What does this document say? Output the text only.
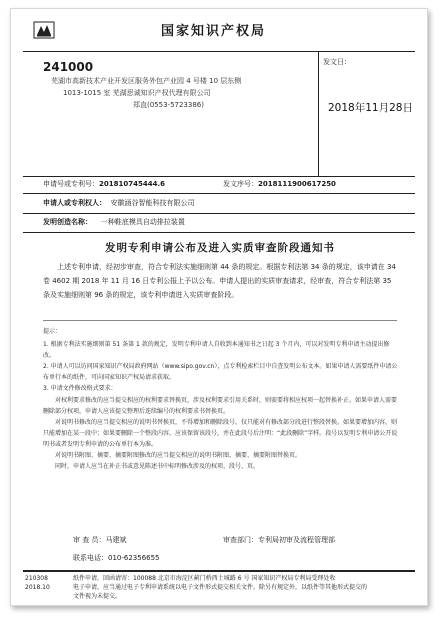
国家知识产权局
241000
芜湖市高新技术产业开发区服务外包产业园 4 号楼 10 层东侧
1013-1015 室 芜湖思诚知识产权代理有限公司
郑直(0553-5723386)
发文日：
2018年11月28日
申请号或专利号：201810745444.6	发文序号：2018111900617250
申请人或专利权人： 安徽涵谷智能科技有限公司
发明创造名称： 一种鞋底模具自动排拉装置
发明专利申请公布及进入实质审查阶段通知书
上述专利申请，经初步审查，符合专利法实施细则第 44 条的规定。根据专利法第 34 条的规定，该申请在 34 卷 4602 期 2018 年 11 月 16 日专利公报上予以公布。申请人提出的实质审查请求，经审查，符合专利法第 35 条及实施细则第 96 条的规定，该专利申请进入实质审查阶段。
提示：
1. 根据专利法实施细则第 51 条第 1 款的规定，发明专利申请人自收到本通知书之日起 3 个月内，可以对发明专利申请主动提出修改。
2. 申请人可以访问国家知识产权局政府网站（www.sipo.gov.cn），点专利检索栏目中自查发明公布文本。如果申请人需要纸件申请公布单行本的纸件，可向国家知识产权局请求获取。
3. 申请文件修改格式要求：
对权利要求修改的应当提交相应的权利要求替换页，涉及权利要求引用关系时，则需要将相应权项一起替换补正。如果申请人需要删除部分权项，申请人应该提交整理后连续编号的权利要求书替换页。
对说明书修改的应当提交相应的说明书替换页，不得增加和删除段号，仅只能对有修改部分段进行整段替换。如果要增加内容，则只能增加在某一段中；如果要删除一个整段内容，应该保留该段号，并在此段号后注明：“此段删除”字样。段号以发明专利申请公开说明书或者发明专利申请的公布单行本为准。
对说明书附图、摘要、摘要附图修改的应当提交相应的说明书附图、摘要、摘要附图替换页。
同时，申请人应当在补正书或意见陈述书中标明修改涉及的权项、段号、页。
审 查 员：马建斌	审查部门：专利局初审及流程管理部
联系电话：010-62356655
210308
2018.10
纸件申请，回函请寄：100088 北京市海淀区蓟门桥西土城路 6 号 国家知识产权局专利局受理处收
电子申请，应当通过电子专利申请系统以电子文件形式提交相关文件。除另有规定外，以纸件等其他形式提交的
文件视为未提交。
